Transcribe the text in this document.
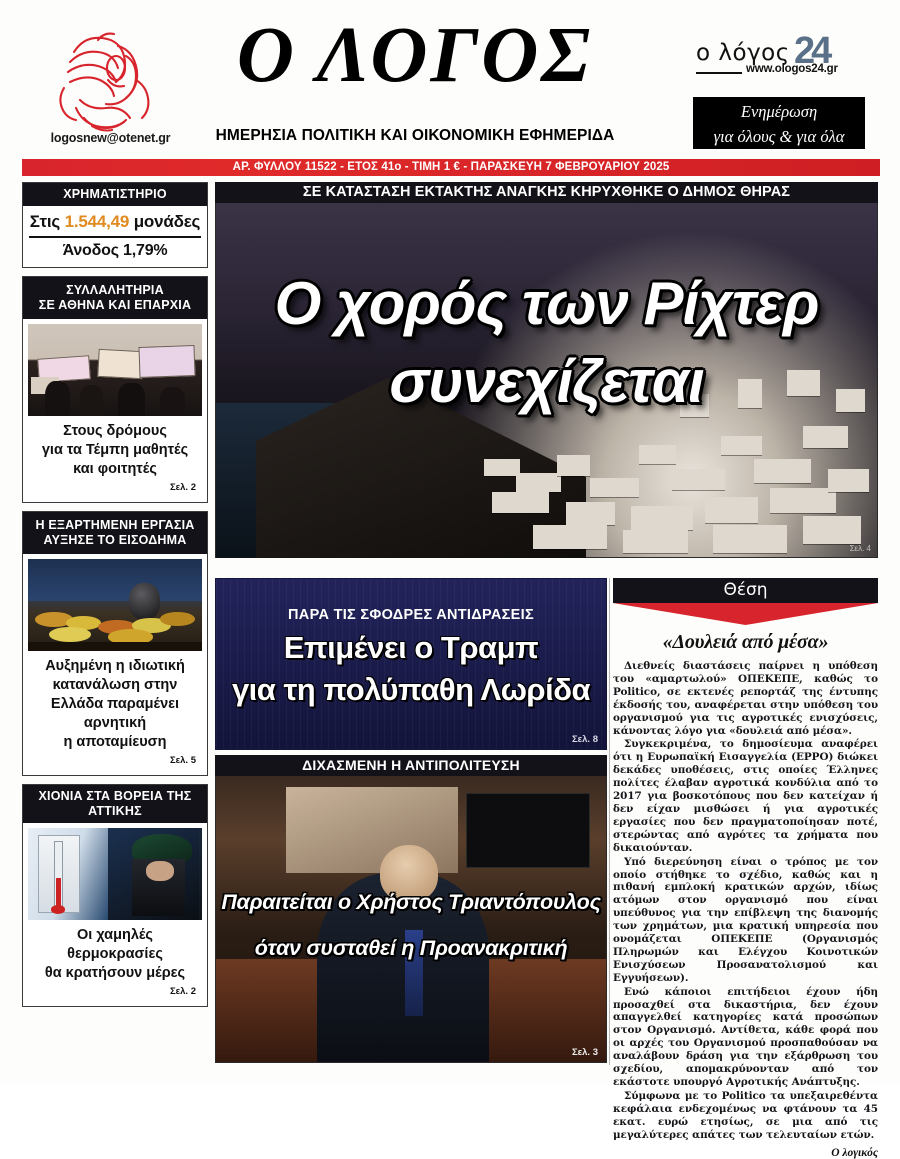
logosnew@otenet.gr
Ο ΛΟΓΟΣ
ΗΜΕΡΗΣΙΑ ΠΟΛΙΤΙΚΗ ΚΑΙ ΟΙΚΟΝΟΜΙΚΗ ΕΦΗΜΕΡΙΔΑ
ο λόγος 24
www.ologos24.gr
Ενημέρωση
για όλους & για όλα
ΑΡ. ΦΥΛΛΟΥ 11522 - ΕΤΟΣ 41ο - ΤΙΜΗ 1 € - ΠΑΡΑΣΚΕΥΗ 7 ΦΕΒΡΟΥΑΡΙΟΥ 2025
ΧΡΗΜΑΤΙΣΤΗΡΙΟ
Στις 1.544,49 μονάδες
Άνοδος 1,79%
ΣΥΛΛΑΛΗΤΗΡΙΑ
ΣΕ ΑΘΗΝΑ ΚΑΙ ΕΠΑΡΧΙΑ
Στους δρόμους
για τα Τέμπη μαθητές
και φοιτητές
Σελ. 2
Η ΕΞΑΡΤΗΜΕΝΗ ΕΡΓΑΣΙΑ
ΑΥΞΗΣΕ ΤΟ ΕΙΣΟΔΗΜΑ
Αυξημένη η ιδιωτική
κατανάλωση στην
Ελλάδα παραμένει
αρνητική
η αποταμίευση
Σελ. 5
ΧΙΟΝΙΑ ΣΤΑ ΒΟΡΕΙΑ ΤΗΣ ΑΤΤΙΚΗΣ
Οι χαμηλές
θερμοκρασίες
θα κρατήσουν μέρες
Σελ. 2
ΣΕ ΚΑΤΑΣΤΑΣΗ ΕΚΤΑΚΤΗΣ ΑΝΑΓΚΗΣ ΚΗΡΥΧΘΗΚΕ Ο ΔΗΜΟΣ ΘΗΡΑΣ
Ο χορός των Ρίχτερ
συνεχίζεται
Σελ. 4
ΠΑΡΑ ΤΙΣ ΣΦΟΔΡΕΣ ΑΝΤΙΔΡΑΣΕΙΣ
Επιμένει ο Τραμπ
για τη πολύπαθη Λωρίδα
Σελ. 8
ΔΙΧΑΣΜΕΝΗ Η ΑΝΤΙΠΟΛΙΤΕΥΣΗ
Παραιτείται ο Χρήστος Τριαντόπουλος
όταν συσταθεί η Προανακριτική
Σελ. 3
Θέση
«Δουλειά από μέσα»

Διεθνείς διαστάσεις παίρνει η υπόθεση του «αμαρτωλού» ΟΠΕΚΕΠΕ, καθώς το Politico, σε εκτενές ρεπορτάζ της έντυπης έκδοσής του, αναφέρεται στην υπόθεση του οργανισμού για τις αγροτικές ενισχύσεις, κάνοντας λόγο για «δουλειά από μέσα».

Συγκεκριμένα, το δημοσίευμα αναφέρει ότι η Ευρωπαϊκή Εισαγγελία (ΕΡΡΟ) διώκει δεκάδες υποθέσεις, στις οποίες Έλληνες πολίτες έλαβαν αγροτικά κονδύλια από το 2017 για βοσκοτόπους που δεν κατείχαν ή δεν είχαν μισθώσει ή για αγροτικές εργασίες που δεν πραγματοποίησαν ποτέ, στερώντας από αγρότες τα χρήματα που δικαιούνταν.

Υπό διερεύνηση είναι ο τρόπος με τον οποίο στήθηκε το σχέδιο, καθώς και η πιθανή εμπλοκή κρατικών αρχών, ιδίως ατόμων στον οργανισμό που είναι υπεύθυνος για την επίβλεψη της διανομής των χρημάτων, μια κρατική υπηρεσία που ονομάζεται ΟΠΕΚΕΠΕ (Οργανισμός Πληρωμών και Ελέγχου Κοινοτικών Ενισχύσεων Προσανατολισμού και Εγγυήσεων).

Ενώ κάποιοι επιτήδειοι έχουν ήδη προσαχθεί στα δικαστήρια, δεν έχουν απαγγελθεί κατηγορίες κατά προσώπων στον Οργανισμό. Αντίθετα, κάθε φορά που οι αρχές του Οργανισμού προσπαθούσαν να αναλάβουν δράση για την εξάρθρωση του σχεδίου, απομακρύνονταν από τον εκάστοτε υπουργό Αγροτικής Ανάπτυξης.

Σύμφωνα με το Politico τα υπεξαιρεθέντα κεφάλαια ενδεχομένως να φτάνουν τα 45 εκατ. ευρώ ετησίως, σε μια από τις μεγαλύτερες απάτες των τελευταίων ετών.

Ο λογικός
